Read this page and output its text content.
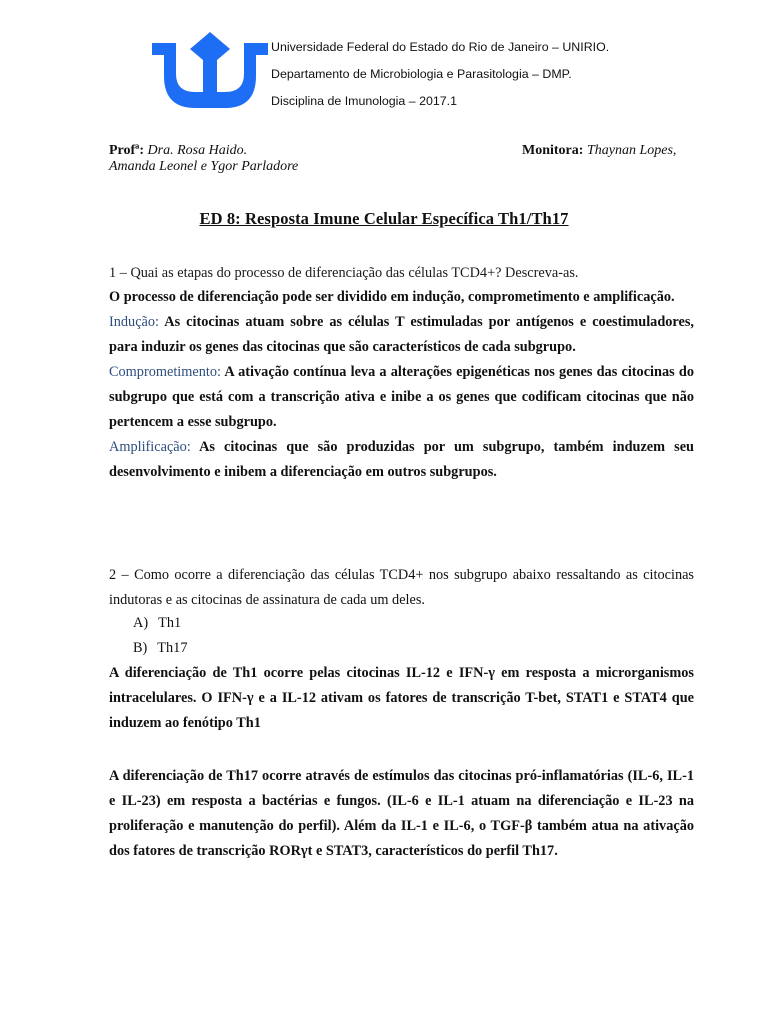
Universidade Federal do Estado do Rio de Janeiro – UNIRIO.
Departamento de Microbiologia e Parasitologia – DMP.
Disciplina de Imunologia – 2017.1
Profª: Dra. Rosa Haido.
Amanda Leonel e Ygor Parladore
Monitora: Thaynan Lopes,
ED 8: Resposta Imune Celular Específica Th1/Th17
1 – Quai as etapas do processo de diferenciação das células TCD4+? Descreva-as.
O processo de diferenciação pode ser dividido em indução, comprometimento e amplificação.
Indução: As citocinas atuam sobre as células T estimuladas por antígenos e coestimuladores, para induzir os genes das citocinas que são característicos de cada subgrupo.
Comprometimento: A ativação contínua leva a alterações epigenéticas nos genes das citocinas do subgrupo que está com a transcrição ativa e inibe a os genes que codificam citocinas que não pertencem a esse subgrupo.
Amplificação: As citocinas que são produzidas por um subgrupo, também induzem seu desenvolvimento e inibem a diferenciação em outros subgrupos.
2 – Como ocorre a diferenciação das células TCD4+ nos subgrupo abaixo ressaltando as citocinas indutoras e as citocinas de assinatura de cada um deles.
A) Th1
B) Th17
A diferenciação de Th1 ocorre pelas citocinas IL-12 e IFN-γ em resposta a microrganismos intracelulares. O IFN-γ e a IL-12 ativam os fatores de transcrição T-bet, STAT1 e STAT4 que induzem ao fenótipo Th1
A diferenciação de Th17 ocorre através de estímulos das citocinas pró-inflamatórias (IL-6, IL-1 e IL-23) em resposta a bactérias e fungos. (IL-6 e IL-1 atuam na diferenciação e IL-23 na proliferação e manutenção do perfil). Além da IL-1 e IL-6, o TGF-β também atua na ativação dos fatores de transcrição RORγt e STAT3, característicos do perfil Th17.
